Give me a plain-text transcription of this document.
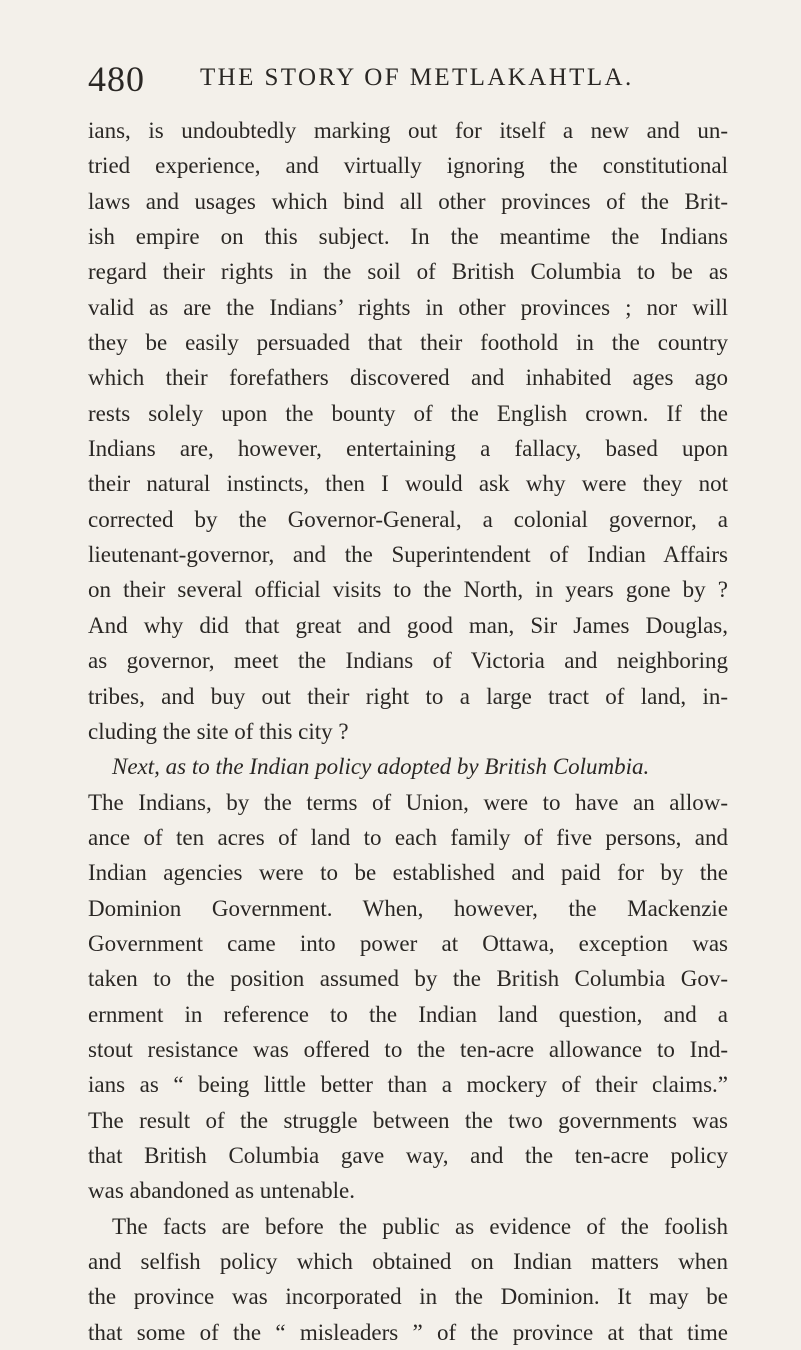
480 THE STORY OF METLAKAHTLA.
ians, is undoubtedly marking out for itself a new and un-
tried experience, and virtually ignoring the constitutional
laws and usages which bind all other provinces of the Brit-
ish empire on this subject. In the meantime the Indians
regard their rights in the soil of British Columbia to be as
valid as are the Indians’ rights in other provinces ; nor will
they be easily persuaded that their foothold in the country
which their forefathers discovered and inhabited ages ago
rests solely upon the bounty of the English crown. If the
Indians are, however, entertaining a fallacy, based upon
their natural instincts, then I would ask why were they not
corrected by the Governor-General, a colonial governor, a
lieutenant-governor, and the Superintendent of Indian Affairs
on their several official visits to the North, in years gone by ?
And why did that great and good man, Sir James Douglas,
as governor, meet the Indians of Victoria and neighboring
tribes, and buy out their right to a large tract of land, in-
cluding the site of this city ?
Next, as to the Indian policy adopted by British Columbia.
The Indians, by the terms of Union, were to have an allow-
ance of ten acres of land to each family of five persons, and
Indian agencies were to be established and paid for by the
Dominion Government. When, however, the Mackenzie
Government came into power at Ottawa, exception was
taken to the position assumed by the British Columbia Gov-
ernment in reference to the Indian land question, and a
stout resistance was offered to the ten-acre allowance to Ind-
ians as “ being little better than a mockery of their claims.”
The result of the struggle between the two governments was
that British Columbia gave way, and the ten-acre policy
was abandoned as untenable.
The facts are before the public as evidence of the foolish
and selfish policy which obtained on Indian matters when
the province was incorporated in the Dominion. It may be
that some of the “ misleaders ” of the province at that time
